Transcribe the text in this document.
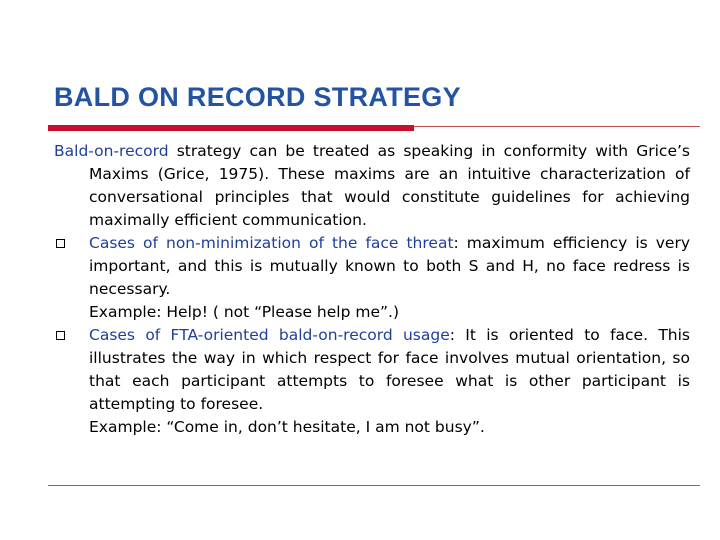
BALD ON RECORD STRATEGY

Bald-on-record strategy can be treated as speaking in conformity with Grice’s Maxims (Grice, 1975). These maxims are an intuitive characterization of conversational principles that would constitute guidelines for achieving maximally efficient communication.

Cases of non-minimization of the face threat: maximum efficiency is very important, and this is mutually known to both S and H, no face redress is necessary.

Example: Help! ( not “Please help me”.)

Cases of FTA-oriented bald-on-record usage: It is oriented to face. This illustrates the way in which respect for face involves mutual orientation, so that each participant attempts to foresee what is other participant is attempting to foresee.

Example: “Come in, don’t hesitate, I am not busy”.
